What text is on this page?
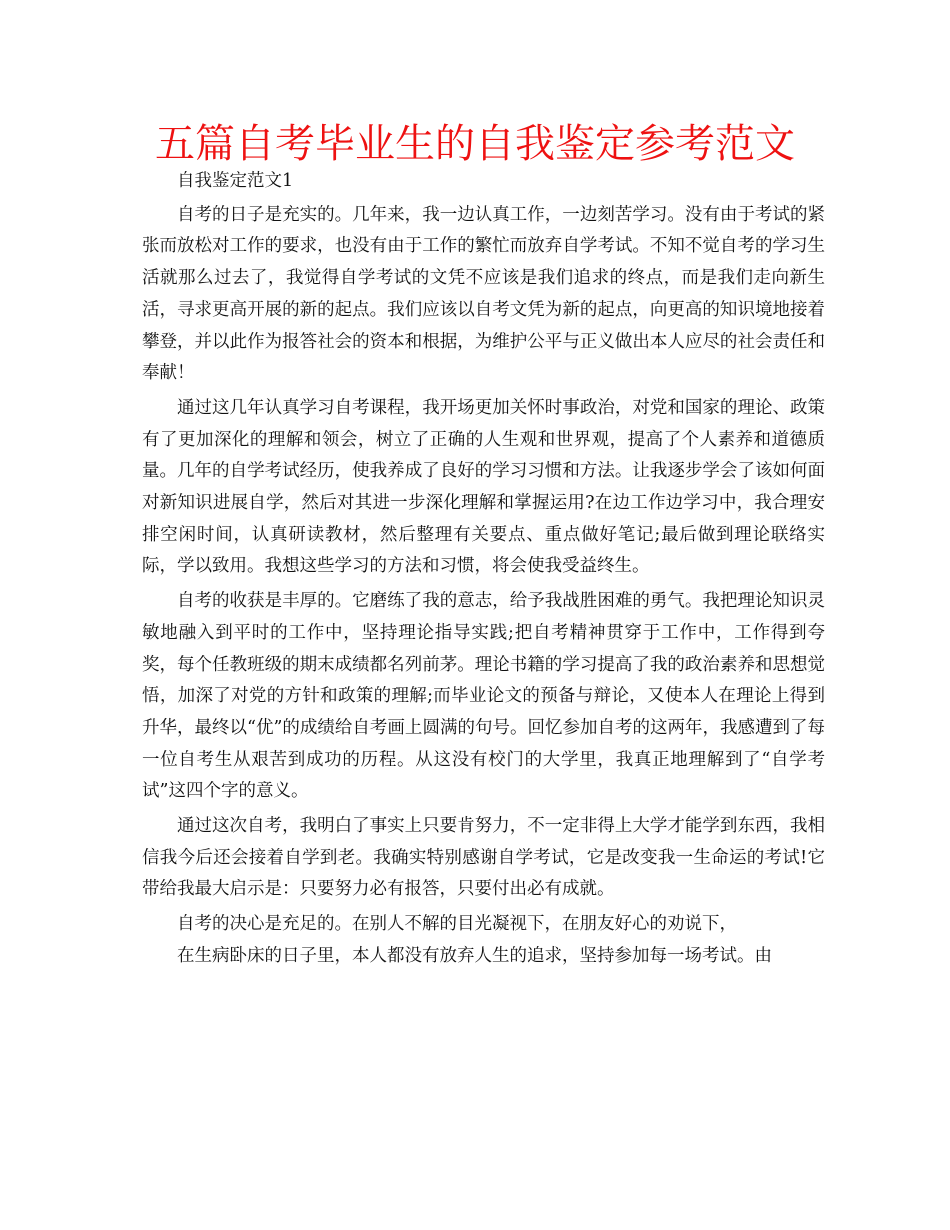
五篇自考毕业生的自我鉴定参考范文

自我鉴定范文1

自考的日子是充实的。几年来，我一边认真工作，一边刻苦学习。没有由于考试的紧张而放松对工作的要求，也没有由于工作的繁忙而放弃自学考试。不知不觉自考的学习生活就那么过去了，我觉得自学考试的文凭不应该是我们追求的终点，而是我们走向新生活，寻求更高开展的新的起点。我们应该以自考文凭为新的起点，向更高的知识境地接着攀登，并以此作为报答社会的资本和根据，为维护公平与正义做出本人应尽的社会责任和奉献！

通过这几年认真学习自考课程，我开场更加关怀时事政治，对党和国家的理论、政策有了更加深化的理解和领会，树立了正确的人生观和世界观，提高了个人素养和道德质量。几年的自学考试经历，使我养成了良好的学习习惯和方法。让我逐步学会了该如何面对新知识进展自学，然后对其进一步深化理解和掌握运用?在边工作边学习中，我合理安排空闲时间，认真研读教材，然后整理有关要点、重点做好笔记;最后做到理论联络实际，学以致用。我想这些学习的方法和习惯，将会使我受益终生。

自考的收获是丰厚的。它磨练了我的意志，给予我战胜困难的勇气。我把理论知识灵敏地融入到平时的工作中，坚持理论指导实践;把自考精神贯穿于工作中，工作得到夸奖，每个任教班级的期末成绩都名列前茅。理论书籍的学习提高了我的政治素养和思想觉悟，加深了对党的方针和政策的理解;而毕业论文的预备与辩论，又使本人在理论上得到升华，最终以“优”的成绩给自考画上圆满的句号。回忆参加自考的这两年，我感遭到了每一位自考生从艰苦到成功的历程。从这没有校门的大学里，我真正地理解到了“自学考试”这四个字的意义。

通过这次自考，我明白了事实上只要肯努力，不一定非得上大学才能学到东西，我相信我今后还会接着自学到老。我确实特别感谢自学考试，它是改变我一生命运的考试!它带给我最大启示是：只要努力必有报答，只要付出必有成就。

自考的决心是充足的。在别人不解的目光凝视下，在朋友好心的劝说下，

在生病卧床的日子里，本人都没有放弃人生的追求，坚持参加每一场考试。由
